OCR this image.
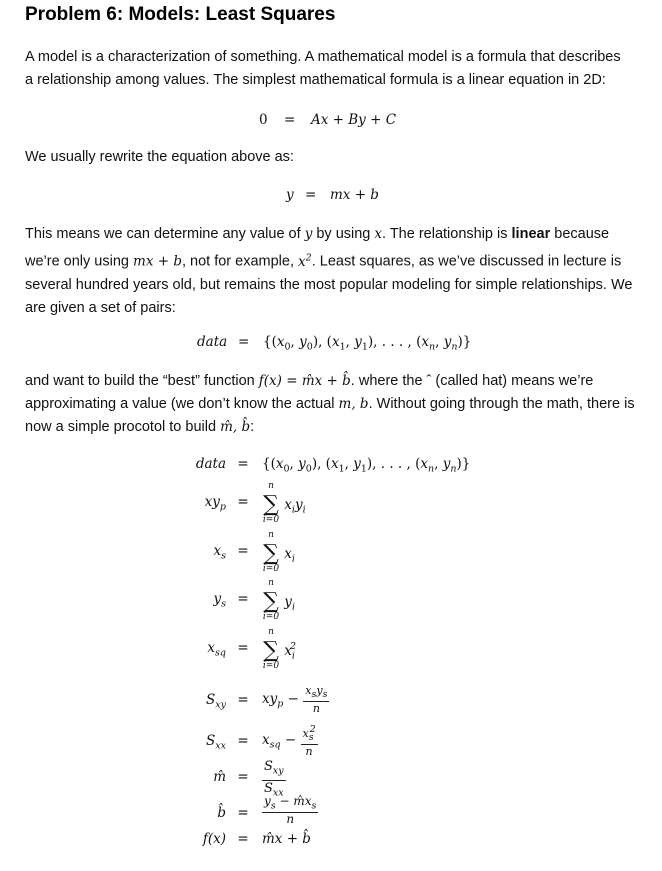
Problem 6: Models: Least Squares

A model is a characterization of something. A mathematical model is a formula that describes
a relationship among values. The simplest mathematical formula is a linear equation in 2D:

0 = Ax + By + C

We usually rewrite the equation above as:

y = mx + b

This means we can determine any value of y by using x. The relationship is linear because
we’re only using mx + b, not for example, $x^2$. Least squares, as we’ve discussed in lecture is
several hundred years old, but remains the most popular modeling for simple relationships. We
are given a set of pairs:

data = {($x_0$, $y_0$), ($x_1$, $y_1$), . . . , ($x_n$, $y_n$)}

and want to build the “best” function f(x) = m̂x + b̂. where the ˆ (called hat) means we’re
approximating a value (we don’t know the actual m, b. Without going through the math, there is
now a simple procotol to build m̂, b̂:

data = {($x_0$, $y_0$), ($x_1$, $y_1$), . . . , ($x_n$, $y_n$)}
$xy_p$ =
n
∑
i=0
$x_iy_i$
$x_s$ =
n
∑
i=0
$x_i$
$y_s$ =
n
∑
i=0
$y_i$
$x_{sq}$ =
n
∑
i=0
$x_i^2$
$S_{xy} = xy_p - \frac{x_sy_s}{n}$
$S_{xx} = x_{sq} - \frac{x_s^2}{n}$
m̂ = $\frac{S_{xy}}{S_{xx}}$
b̂ = $\frac{y_s - m̂x_s}{n}$
f(x) = m̂x + b̂
